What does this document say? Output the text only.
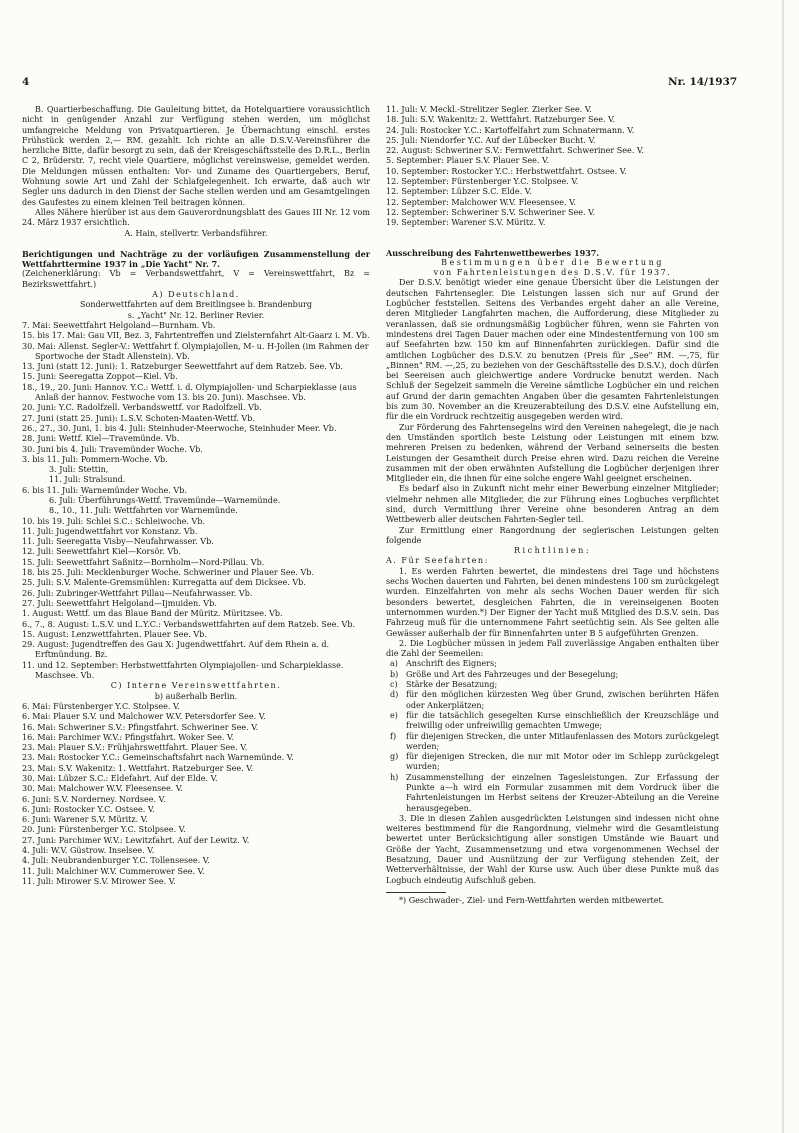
4	Nr. 14/1937

B. Quartierbeschaffung. Die Gauleitung bittet, da Hotelquartiere voraussichtlich nicht in genügender Anzahl zur Verfügung stehen werden, um möglichst umfangreiche Meldung von Privatquartieren. Je Übernachtung einschl. erstes Frühstück werden 2,— RM. gezahlt. Ich richte an alle D.S.V.-Vereinsführer die herzliche Bitte, dafür besorgt zu sein, daß der Kreisgeschäftsstelle des D.R.L., Berlin C 2, Brüderstr. 7, recht viele Quartiere, möglichst vereinsweise, gemeldet werden. Die Meldungen müssen enthalten: Vor- und Zuname des Quartiergebers, Beruf, Wohnung sowie Art und Zahl der Schlafgelegenheit. Ich erwarte, daß auch wir Segler uns dadurch in den Dienst der Sache stellen werden und am Gesamtgelingen des Gaufestes zu einem kleinen Teil beitragen können.

Alles Nähere hierüber ist aus dem Gauverordnungsblatt des Gaues III Nr. 12 vom 24. März 1937 ersichtlich.

A. Hain, stellvertr. Verbandsführer.

Berichtigungen und Nachträge zu der vorläufigen Zusammenstellung der Wettfahrttermine 1937 in „Die Yacht" Nr. 7.

(Zeichenerklärung: Vb = Verbandswettfahrt, V = Vereinswettfahrt, Bz = Bezirkswettfahrt.)

A) Deutschland.

Sonderwettfahrten auf dem Breitlingsee b. Brandenburg

s. „Yacht" Nr. 12. Berliner Revier.

7. Mai: Seewettfahrt Helgoland—Burnham. Vb.

15. bis 17. Mai: Gau VII, Bez. 3, Fahrtentreffen und Zielsternfahrt Alt-Gaarz i. M. Vb.

30. Mai: Allenst. Segler-V.: Wettfahrt f. Olympiajollen, M- u. H-Jollen (im Rahmen der Sportwoche der Stadt Allenstein). Vb.

13. Juni (statt 12. Juni): 1. Ratzeburger Seewettfahrt auf dem Ratzeb. See. Vb.

15. Juni: Seeregatta Zoppot—Kiel. Vb.

18., 19., 20. Juni: Hannov. Y.C.: Wettf. i. d. Olympiajollen- und Scharpieklasse (aus Anlaß der hannov. Festwoche vom 13. bis 20. Juni). Maschsee. Vb.

20. Juni: Y.C. Radolfzell. Verbandswettf. vor Radolfzell. Vb.

27. Juni (statt 25. Juni): L.S.V. Schoten-Maaten-Wettf. Vb.

26., 27., 30. Juni, 1. bis 4. Juli: Steinhuder-Meerwoche, Steinhuder Meer. Vb.

28. Juni: Wettf. Kiel—Travemünde. Vb.

30. Juni bis 4. Juli: Travemünder Woche. Vb.

3. bis 11. Juli: Pommern-Woche. Vb.

3. Juli: Stettin,

11. Juli: Stralsund.

6. bis 11. Juli: Warnemünder Woche. Vb.

6. Juli: Überführungs-Wettf. Travemünde—Warnemünde.

8., 10., 11. Juli: Wettfahrten vor Warnemünde.

10. bis 19. Juli: Schlei S.C.: Schleiwoche. Vb.

11. Juli: Jugendwettfahrt vor Konstanz. Vb.

11. Juli: Seeregatta Visby—Neufahrwasser. Vb.

12. Juli: Seewettfahrt Kiel—Korsör. Vb.

15. Juli: Seewettfahrt Saßnitz—Bornholm—Nord-Pillau. Vb.

18. bis 25. Juli: Mecklenburger Woche. Schweriner und Plauer See. Vb.

25. Juli: S.V. Malente-Gremsmühlen: Kurregatta auf dem Dicksee. Vb.

26. Juli: Zubringer-Wettfahrt Pillau—Neufahrwasser. Vb.

27. Juli: Seewettfahrt Helgoland—Ijmuiden. Vb.

1. August: Wettf. um das Blaue Band der Müritz. Müritzsee. Vb.

6., 7., 8. August: L.S.V. und L.Y.C.: Verbandswettfahrten auf dem Ratzeb. See. Vb.

15. August: Lenzwettfahrten. Plauer See. Vb.

29. August: Jugendtreffen des Gau X: Jugendwettfahrt. Auf dem Rhein a. d. Erftmündung. Bz.

11. und 12. September: Herbstwettfahrten Olympiajollen- und Scharpieklasse. Maschsee. Vb.

C) Interne Vereinswettfahrten.

b) außerhalb Berlin.

6. Mai: Fürstenberger Y.C. Stolpsee. V.

6. Mai: Plauer S.V. und Malchower W.V. Petersdorfer See. V.

16. Mai: Schweriner S.V.: Pfingstfahrt. Schweriner See. V.

16. Mai: Parchimer W.V.: Pfingstfahrt. Woker See. V.

23. Mai: Plauer S.V.: Frühjahrswettfahrt. Plauer See. V.

23. Mai: Rostocker Y.C.: Gemeinschaftsfahrt nach Warnemünde. V.

23. Mai: S.V. Wakenitz: 1. Wettfahrt. Ratzeburger See. V.

30. Mai: Lübzer S.C.: Eldefahrt. Auf der Elde. V.

30. Mai: Malchower W.V. Fleesensee. V.

6. Juni: S.V. Norderney. Nordsee. V.

6. Juni: Rostocker Y.C. Ostsee. V.

6. Juni: Warener S.V. Müritz. V.

20. Juni: Fürstenberger Y.C. Stolpsee. V.

27. Juni: Parchimer W.V.: Lewitzfahrt. Auf der Lewitz. V.

4. Juli: W.V. Güstrow. Inselsee. V.

4. Juli: Neubrandenburger Y.C. Tollensesee. V.

11. Juli: Malchiner W.V. Cummerower See. V.

11. Juli: Mirower S.V. Mirower See. V.

11. Juli: V. Meckl.-Strelitzer Segler. Zierker See. V.

18. Juli: S.V. Wakenitz: 2. Wettfahrt. Ratzeburger See. V.

24. Juli: Rostocker Y.C.: Kartoffelfahrt zum Schnatermann. V.

25. Juli: Niendorfer Y.C. Auf der Lübecker Bucht. V.

22. August: Schweriner S.V.: Fernwettfahrt. Schweriner See. V.

5. September: Plauer S.V. Plauer See. V.

10. September: Rostocker Y.C.: Herbstwettfahrt. Ostsee. V.

12. September: Fürstenberger Y.C. Stolpsee. V.

12. September: Lübzer S.C. Elde. V.

12. September: Malchower W.V. Fleesensee. V.

12. September: Schweriner S.V. Schweriner See. V.

19. September: Warener S.V. Müritz. V.

Ausschreibung des Fahrtenwettbewerbes 1937.

Bestimmungen über die Bewertung

von Fahrtenleistungen des D.S.V. für 1937.

Der D.S.V. benötigt wieder eine genaue Übersicht über die Leistungen der deutschen Fahrtensegler. Die Leistungen lassen sich nur auf Grund der Logbücher feststellen. Seitens des Verbandes ergeht daher an alle Vereine, deren Mitglieder Langfahrten machen, die Aufforderung, diese Mitglieder zu veranlassen, daß sie ordnungsmäßig Logbücher führen, wenn sie Fahrten von mindestens drei Tagen Dauer machen oder eine Mindestentfernung von 100 sm auf Seefahrten bzw. 150 km auf Binnenfahrten zurücklegen. Dafür sind die amtlichen Logbücher des D.S.V. zu benutzen (Preis für „See" RM. —,75, für „Binnen" RM. —,25, zu beziehen von der Geschäftsstelle des D.S.V.), doch dürfen bei Seereisen auch gleichwertige andere Vordrucke benutzt werden. Nach Schluß der Segelzeit sammeln die Vereine sämtliche Logbücher ein und reichen auf Grund der darin gemachten Angaben über die gesamten Fahrtenleistungen bis zum 30. November an die Kreuzerabteilung des D.S.V. eine Aufstellung ein, für die ein Vordruck rechtzeitig ausgegeben werden wird.

Zur Förderung des Fahrtensegelns wird den Vereinen nahegelegt, die je nach den Umständen sportlich beste Leistung oder Leistungen mit einem bzw. mehreren Preisen zu bedenken, während der Verband seinerseits die besten Leistungen der Gesamtheit durch Preise ehren wird. Dazu reichen die Vereine zusammen mit der oben erwähnten Aufstellung die Logbücher derjenigen ihrer Mitglieder ein, die ihnen für eine solche engere Wahl geeignet erscheinen.

Es bedarf also in Zukunft nicht mehr einer Bewerbung einzelner Mitglieder; vielmehr nehmen alle Mitglieder, die zur Führung eines Logbuches verpflichtet sind, durch Vermittlung ihrer Vereine ohne besonderen Antrag an dem Wettbewerb aller deutschen Fahrten-Segler teil.

Zur Ermittlung einer Rangordnung der seglerischen Leistungen gelten folgende

Richtlinien:

A. Für Seefahrten:

1. Es werden Fahrten bewertet, die mindestens drei Tage und höchstens sechs Wochen dauerten und Fahrten, bei denen mindestens 100 sm zurückgelegt wurden. Einzelfahrten von mehr als sechs Wochen Dauer werden für sich besonders bewertet, desgleichen Fahrten, die in vereinseigenen Booten unternommen wurden.*) Der Eigner der Yacht muß Mitglied des D.S.V. sein. Das Fahrzeug muß für die unternommene Fahrt seetüchtig sein. Als See gelten alle Gewässer außerhalb der für Binnenfahrten unter B 5 aufgeführten Grenzen.

2. Die Logbücher müssen in jedem Fall zuverlässige Angaben enthalten über die Zahl der Seemeilen:

a)	Anschrift des Eigners;
b) Größe und Art des Fahrzeuges und der Besegelung;
c)	Stärke der Besatzung;
d) für den möglichen kürzesten Weg über Grund, zwischen berührten Häfen oder Ankerplätzen;
e)	für die tatsächlich gesegelten Kurse einschließlich der Kreuzschläge und freiwillig oder unfreiwillig gemachten Umwege;
f)	für diejenigen Strecken, die unter Mitlaufenlassen des Motors zurückgelegt werden;
g) für diejenigen Strecken, die nur mit Motor oder im Schlepp zurückgelegt wurden;
h) Zusammenstellung der einzelnen Tagesleistungen. Zur Erfassung der Punkte a—h wird ein Formular zusammen mit dem Vordruck über die Fahrtenleistungen im Herbst seitens der Kreuzer-Abteilung an die Vereine herausgegeben.

3. Die in diesen Zahlen ausgedrückten Leistungen sind indessen nicht ohne weiteres bestimmend für die Rangordnung, vielmehr wird die Gesamtleistung bewertet unter Berücksichtigung aller sonstigen Umstände wie Bauart und Größe der Yacht, Zusammensetzung und etwa vorgenommenen Wechsel der Besatzung, Dauer und Ausnützung der zur Verfügung stehenden Zeit, der Wetterverhältnisse, der Wahl der Kurse usw. Auch über diese Punkte muß das Logbuch eindeutig Aufschluß geben.

*) Geschwader-, Ziel- und Fern-Wettfahrten werden mitbewertet.
